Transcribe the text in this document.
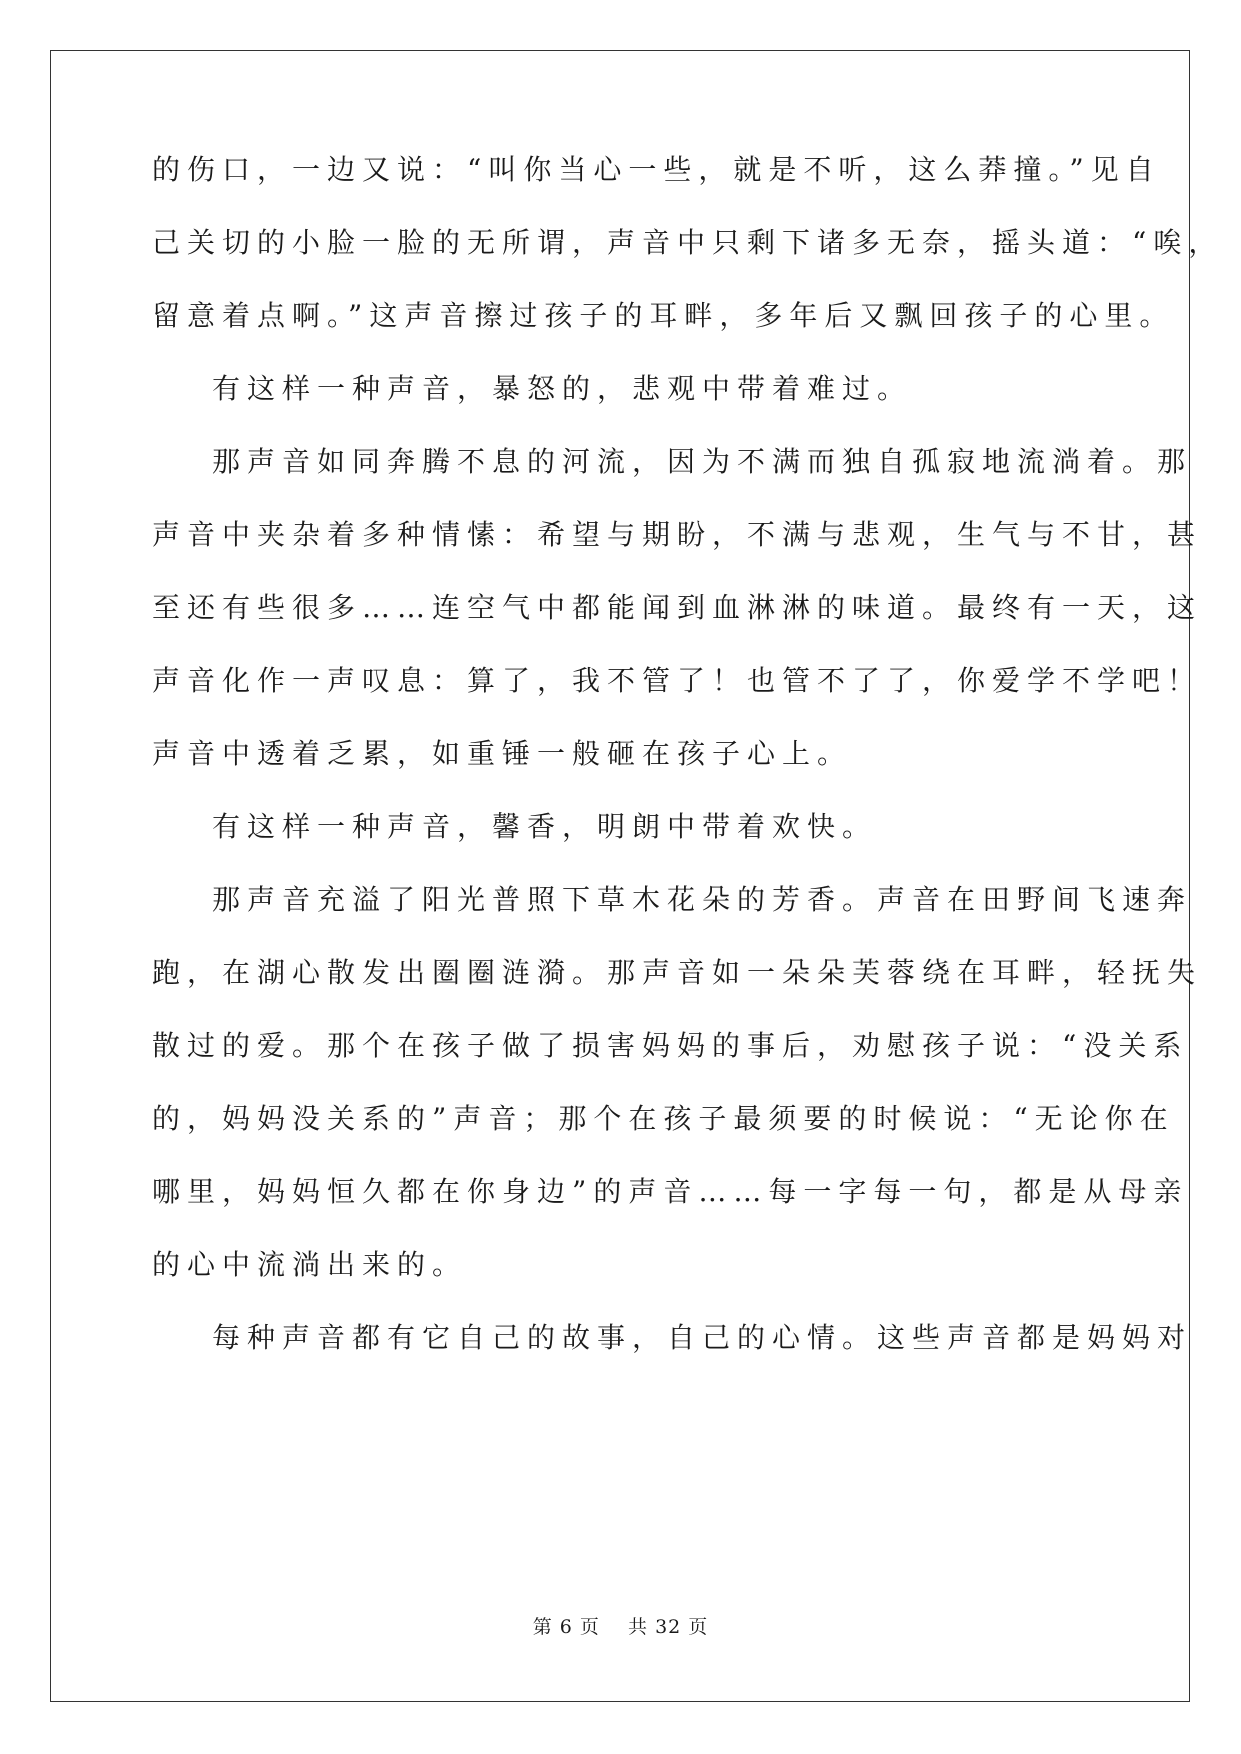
的伤口，一边又说：“叫你当心一些，就是不听，这么莽撞。”见自
己关切的小脸一脸的无所谓，声音中只剩下诸多无奈，摇头道：“唉，
留意着点啊。”这声音擦过孩子的耳畔，多年后又飘回孩子的心里。
有这样一种声音，暴怒的，悲观中带着难过。
那声音如同奔腾不息的河流，因为不满而独自孤寂地流淌着。那
声音中夹杂着多种情愫：希望与期盼，不满与悲观，生气与不甘，甚
至还有些很多……连空气中都能闻到血淋淋的味道。最终有一天，这
声音化作一声叹息：算了，我不管了！也管不了了，你爱学不学吧！
声音中透着乏累，如重锤一般砸在孩子心上。
有这样一种声音，馨香，明朗中带着欢快。
那声音充溢了阳光普照下草木花朵的芳香。声音在田野间飞速奔
跑，在湖心散发出圈圈涟漪。那声音如一朵朵芙蓉绕在耳畔，轻抚失
散过的爱。那个在孩子做了损害妈妈的事后，劝慰孩子说：“没关系
的，妈妈没关系的”声音；那个在孩子最须要的时候说：“无论你在
哪里，妈妈恒久都在你身边”的声音……每一字每一句，都是从母亲
的心中流淌出来的。
每种声音都有它自己的故事，自己的心情。这些声音都是妈妈对
第 6 页    共 32 页
